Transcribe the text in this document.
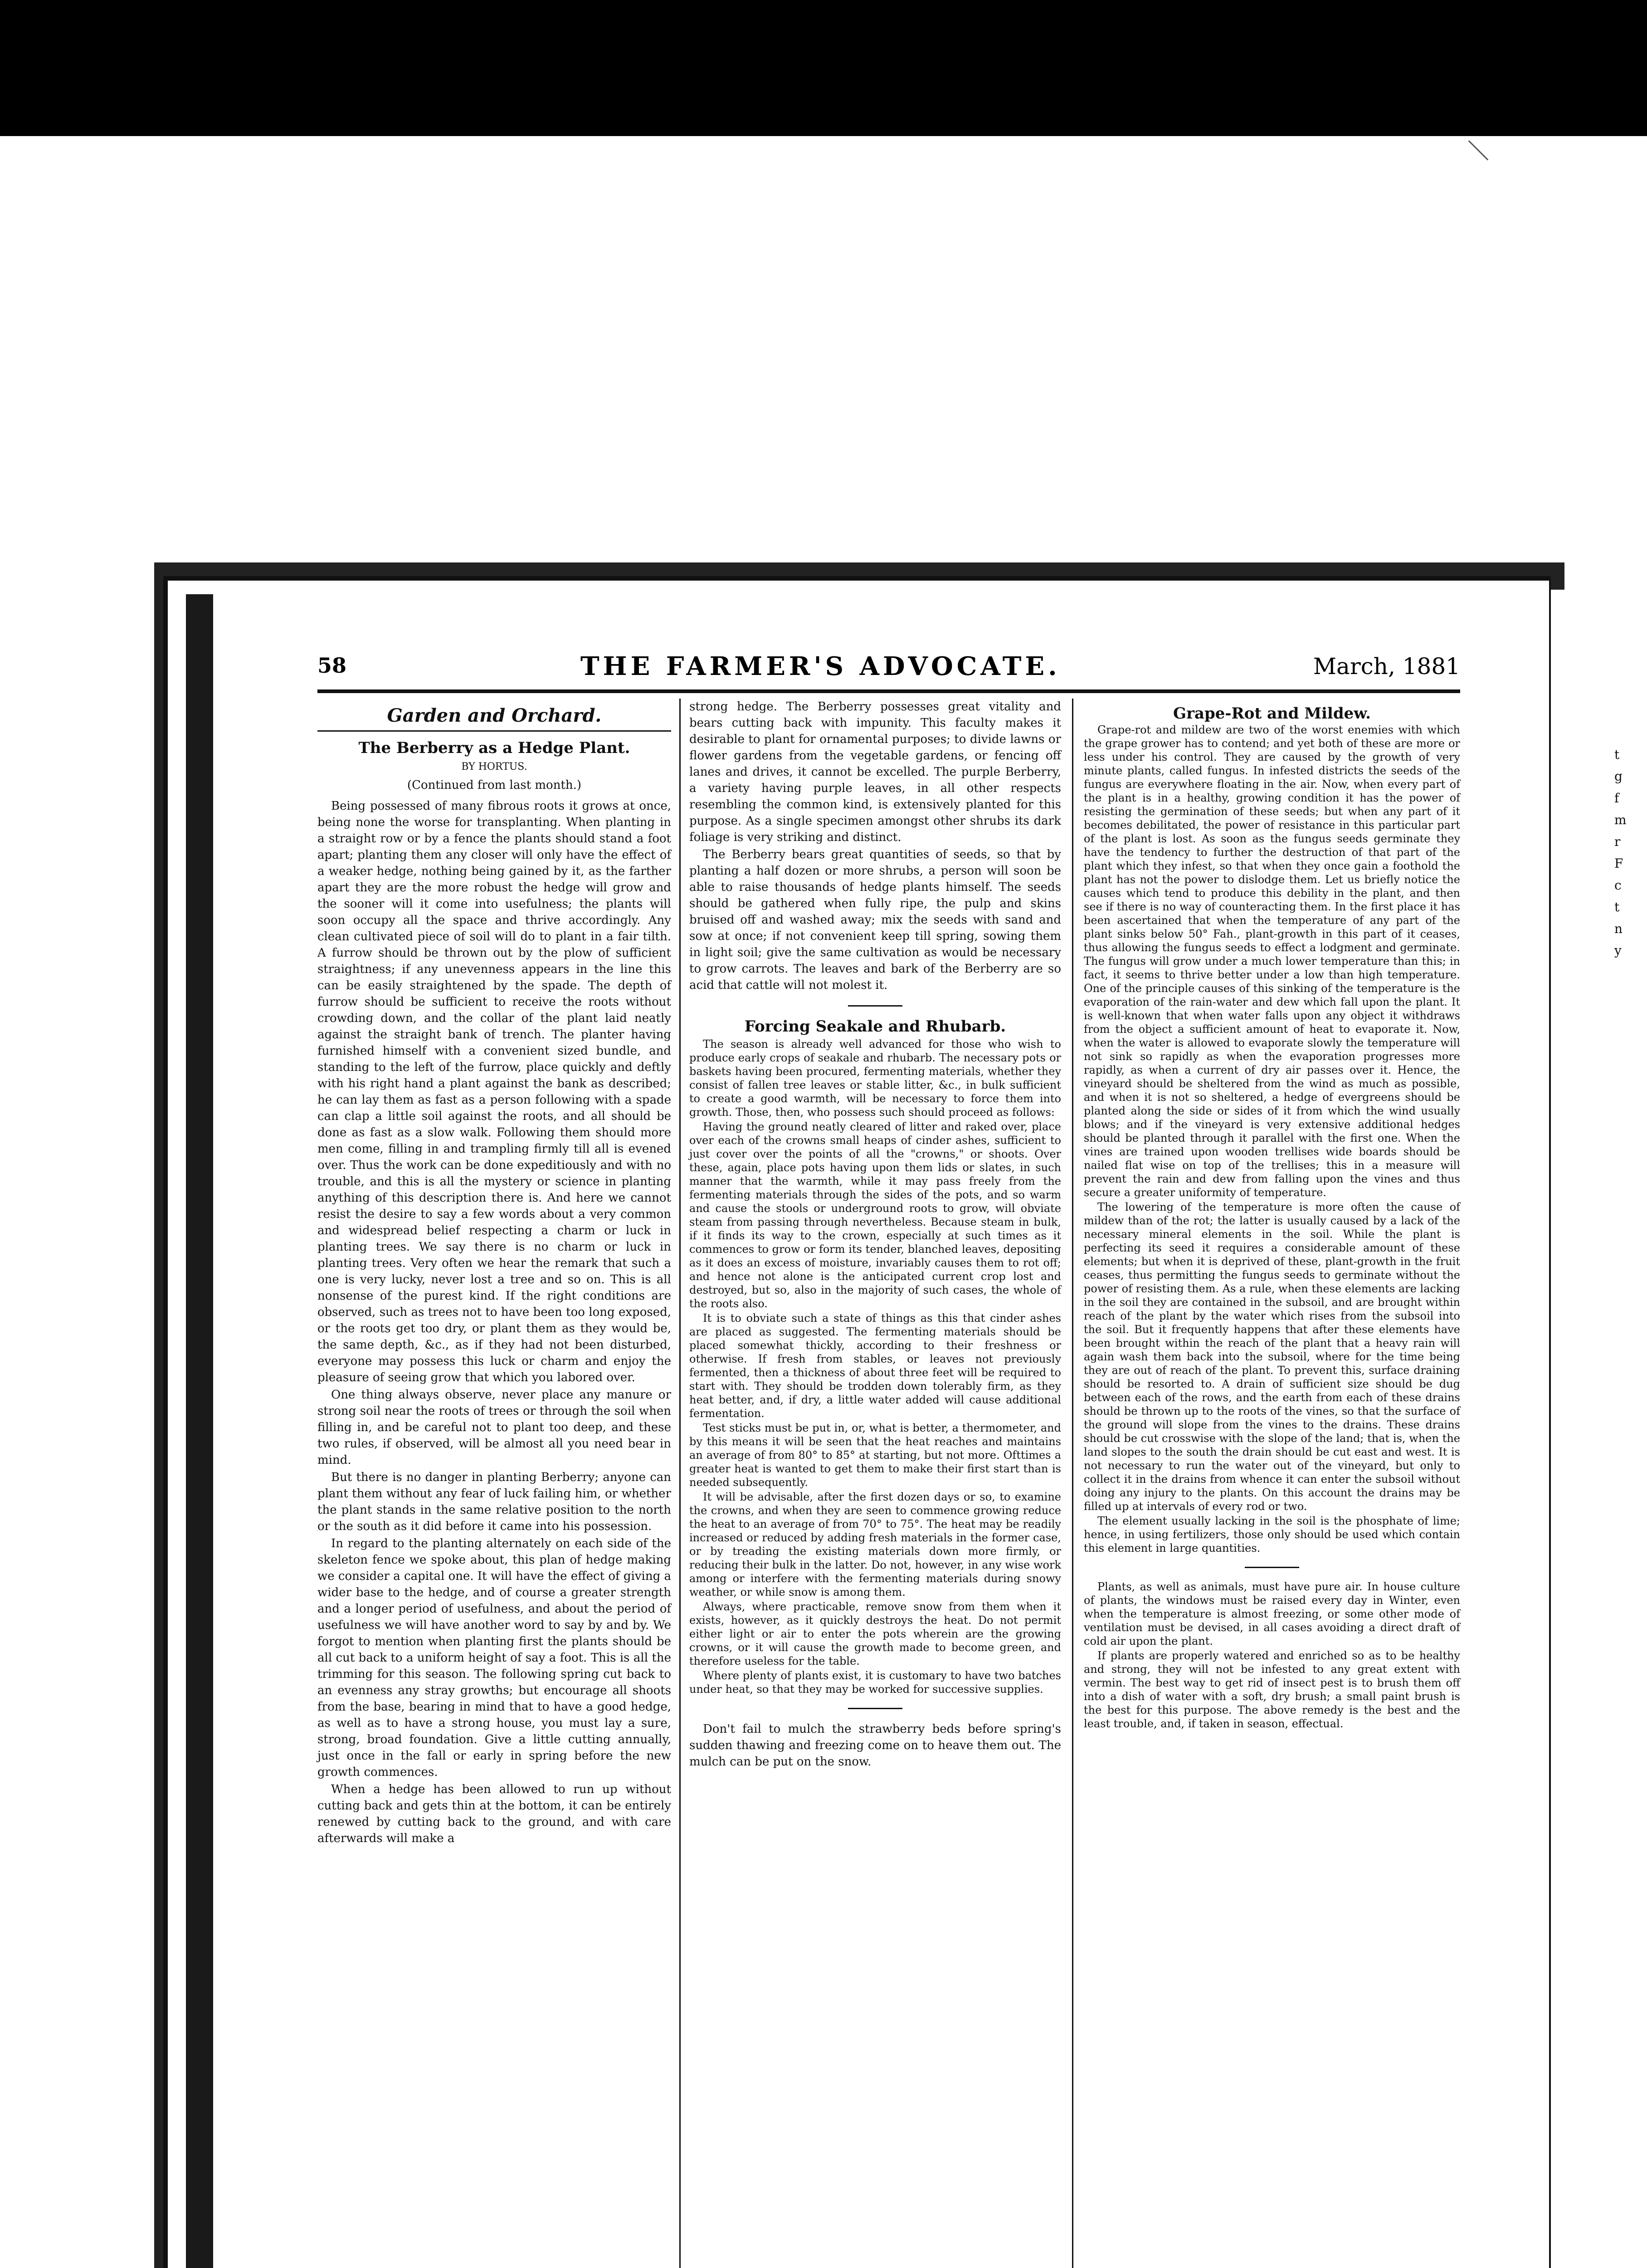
t
g
f
m
r
F
c
t
n
y
58	THE FARMER'S ADVOCATE.	March, 1881
Garden and Orchard.
The Berberry as a Hedge Plant.
BY HORTUS.
(Continued from last month.)

Being possessed of many fibrous roots it grows at once, being none the worse for transplanting. When planting in a straight row or by a fence the plants should stand a foot apart; planting them any closer will only have the effect of a weaker hedge, nothing being gained by it, as the farther apart they are the more robust the hedge will grow and the sooner will it come into usefulness; the plants will soon occupy all the space and thrive accordingly. Any clean cultivated piece of soil will do to plant in a fair tilth. A furrow should be thrown out by the plow of sufficient straightness; if any unevenness appears in the line this can be easily straightened by the spade. The depth of furrow should be sufficient to receive the roots without crowding down, and the collar of the plant laid neatly against the straight bank of trench. The planter having furnished himself with a convenient sized bundle, and standing to the left of the furrow, place quickly and deftly with his right hand a plant against the bank as described; he can lay them as fast as a person following with a spade can clap a little soil against the roots, and all should be done as fast as a slow walk. Following them should more men come, filling in and trampling firmly till all is evened over. Thus the work can be done expeditiously and with no trouble, and this is all the mystery or science in planting anything of this description there is. And here we cannot resist the desire to say a few words about a very common and widespread belief respecting a charm or luck in planting trees. We say there is no charm or luck in planting trees. Very often we hear the remark that such a one is very lucky, never lost a tree and so on. This is all nonsense of the purest kind. If the right conditions are observed, such as trees not to have been too long exposed, or the roots get too dry, or plant them as they would be, the same depth, &c., as if they had not been disturbed, everyone may possess this luck or charm and enjoy the pleasure of seeing grow that which you labored over.

One thing always observe, never place any manure or strong soil near the roots of trees or through the soil when filling in, and be careful not to plant too deep, and these two rules, if observed, will be almost all you need bear in mind.

But there is no danger in planting Berberry; anyone can plant them without any fear of luck failing him, or whether the plant stands in the same relative position to the north or the south as it did before it came into his possession.

In regard to the planting alternately on each side of the skeleton fence we spoke about, this plan of hedge making we consider a capital one. It will have the effect of giving a wider base to the hedge, and of course a greater strength and a longer period of usefulness, and about the period of usefulness we will have another word to say by and by. We forgot to mention when planting first the plants should be all cut back to a uniform height of say a foot. This is all the trimming for this season. The following spring cut back to an evenness any stray growths; but encourage all shoots from the base, bearing in mind that to have a good hedge, as well as to have a strong house, you must lay a sure, strong, broad foundation. Give a little cutting annually, just once in the fall or early in spring before the new growth commences.

When a hedge has been allowed to run up without cutting back and gets thin at the bottom, it can be entirely renewed by cutting back to the ground, and with care afterwards will make a

strong hedge. The Berberry possesses great vitality and bears cutting back with impunity. This faculty makes it desirable to plant for ornamental purposes; to divide lawns or flower gardens from the vegetable gardens, or fencing off lanes and drives, it cannot be excelled. The purple Berberry, a variety having purple leaves, in all other respects resembling the common kind, is extensively planted for this purpose. As a single specimen amongst other shrubs its dark foliage is very striking and distinct.

The Berberry bears great quantities of seeds, so that by planting a half dozen or more shrubs, a person will soon be able to raise thousands of hedge plants himself. The seeds should be gathered when fully ripe, the pulp and skins bruised off and washed away; mix the seeds with sand and sow at once; if not convenient keep till spring, sowing them in light soil; give the same cultivation as would be necessary to grow carrots. The leaves and bark of the Berberry are so acid that cattle will not molest it.

Forcing Seakale and Rhubarb.

The season is already well advanced for those who wish to produce early crops of seakale and rhubarb. The necessary pots or baskets having been procured, fermenting materials, whether they consist of fallen tree leaves or stable litter, &c., in bulk sufficient to create a good warmth, will be necessary to force them into growth. Those, then, who possess such should proceed as follows:

Having the ground neatly cleared of litter and raked over, place over each of the crowns small heaps of cinder ashes, sufficient to just cover over the points of all the "crowns," or shoots. Over these, again, place pots having upon them lids or slates, in such manner that the warmth, while it may pass freely from the fermenting materials through the sides of the pots, and so warm and cause the stools or underground roots to grow, will obviate steam from passing through nevertheless. Because steam in bulk, if it finds its way to the crown, especially at such times as it commences to grow or form its tender, blanched leaves, depositing as it does an excess of moisture, invariably causes them to rot off; and hence not alone is the anticipated current crop lost and destroyed, but so, also in the majority of such cases, the whole of the roots also.

It is to obviate such a state of things as this that cinder ashes are placed as suggested. The fermenting materials should be placed somewhat thickly, according to their freshness or otherwise. If fresh from stables, or leaves not previously fermented, then a thickness of about three feet will be required to start with. They should be trodden down tolerably firm, as they heat better, and, if dry, a little water added will cause additional fermentation.

Test sticks must be put in, or, what is better, a thermometer, and by this means it will be seen that the heat reaches and maintains an average of from 80° to 85° at starting, but not more. Ofttimes a greater heat is wanted to get them to make their first start than is needed subsequently.

It will be advisable, after the first dozen days or so, to examine the crowns, and when they are seen to commence growing reduce the heat to an average of from 70° to 75°. The heat may be readily increased or reduced by adding fresh materials in the former case, or by treading the existing materials down more firmly, or reducing their bulk in the latter. Do not, however, in any wise work among or interfere with the fermenting materials during snowy weather, or while snow is among them.

Always, where practicable, remove snow from them when it exists, however, as it quickly destroys the heat. Do not permit either light or air to enter the pots wherein are the growing crowns, or it will cause the growth made to become green, and therefore useless for the table.

Where plenty of plants exist, it is customary to have two batches under heat, so that they may be worked for successive supplies.

Don't fail to mulch the strawberry beds before spring's sudden thawing and freezing come on to heave them out. The mulch can be put on the snow.

Grape-Rot and Mildew.

Grape-rot and mildew are two of the worst enemies with which the grape grower has to contend; and yet both of these are more or less under his control. They are caused by the growth of very minute plants, called fungus. In infested districts the seeds of the fungus are everywhere floating in the air. Now, when every part of the plant is in a healthy, growing condition it has the power of resisting the germination of these seeds; but when any part of it becomes debilitated, the power of resistance in this particular part of the plant is lost. As soon as the fungus seeds germinate they have the tendency to further the destruction of that part of the plant which they infest, so that when they once gain a foothold the plant has not the power to dislodge them. Let us briefly notice the causes which tend to produce this debility in the plant, and then see if there is no way of counteracting them. In the first place it has been ascertained that when the temperature of any part of the plant sinks below 50° Fah., plant-growth in this part of it ceases, thus allowing the fungus seeds to effect a lodgment and germinate. The fungus will grow under a much lower temperature than this; in fact, it seems to thrive better under a low than high temperature. One of the principle causes of this sinking of the temperature is the evaporation of the rain-water and dew which fall upon the plant. It is well-known that when water falls upon any object it withdraws from the object a sufficient amount of heat to evaporate it. Now, when the water is allowed to evaporate slowly the temperature will not sink so rapidly as when the evaporation progresses more rapidly, as when a current of dry air passes over it. Hence, the vineyard should be sheltered from the wind as much as possible, and when it is not so sheltered, a hedge of evergreens should be planted along the side or sides of it from which the wind usually blows; and if the vineyard is very extensive additional hedges should be planted through it parallel with the first one. When the vines are trained upon wooden trellises wide boards should be nailed flat wise on top of the trellises; this in a measure will prevent the rain and dew from falling upon the vines and thus secure a greater uniformity of temperature.

The lowering of the temperature is more often the cause of mildew than of the rot; the latter is usually caused by a lack of the necessary mineral elements in the soil. While the plant is perfecting its seed it requires a considerable amount of these elements; but when it is deprived of these, plant-growth in the fruit ceases, thus permitting the fungus seeds to germinate without the power of resisting them. As a rule, when these elements are lacking in the soil they are contained in the subsoil, and are brought within reach of the plant by the water which rises from the subsoil into the soil. But it frequently happens that after these elements have been brought within the reach of the plant that a heavy rain will again wash them back into the subsoil, where for the time being they are out of reach of the plant. To prevent this, surface draining should be resorted to. A drain of sufficient size should be dug between each of the rows, and the earth from each of these drains should be thrown up to the roots of the vines, so that the surface of the ground will slope from the vines to the drains. These drains should be cut crosswise with the slope of the land; that is, when the land slopes to the south the drain should be cut east and west. It is not necessary to run the water out of the vineyard, but only to collect it in the drains from whence it can enter the subsoil without doing any injury to the plants. On this account the drains may be filled up at intervals of every rod or two.

The element usually lacking in the soil is the phosphate of lime; hence, in using fertilizers, those only should be used which contain this element in large quantities.

Plants, as well as animals, must have pure air. In house culture of plants, the windows must be raised every day in Winter, even when the temperature is almost freezing, or some other mode of ventilation must be devised, in all cases avoiding a direct draft of cold air upon the plant.

If plants are properly watered and enriched so as to be healthy and strong, they will not be infested to any great extent with vermin. The best way to get rid of insect pest is to brush them off into a dish of water with a soft, dry brush; a small paint brush is the best for this purpose. The above remedy is the best and the least trouble, and, if taken in season, effectual.
